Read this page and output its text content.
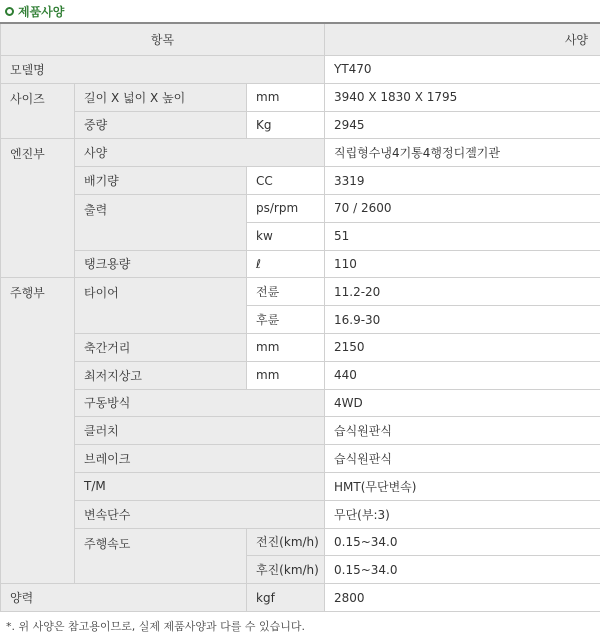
제품사양
항목			사양
모델명			YT470
사이즈	길이 X 넓이 X 높이	mm	3940 X 1830 X 1795
	중량	Kg	2945
엔진부	사양		직립형수냉4기통4행정디젤기관
	배기량	CC	3319
	출력	ps/rpm	70 / 2600
		kw	51
	탱크용량	ℓ	110
주행부	타이어	전륜	11.2-20
		후륜	16.9-30
	축간거리	mm	2150
	최저지상고	mm	440
	구동방식		4WD
	클러치		습식원판식
	브레이크		습식원판식
	T/M		HMT(무단변속)
	변속단수		무단(부:3)
	주행속도	전진(km/h)	0.15~34.0
		후진(km/h)	0.15~34.0
양력		kgf	2800
*. 위 사양은 참고용이므로, 실제 제품사양과 다를 수 있습니다.
